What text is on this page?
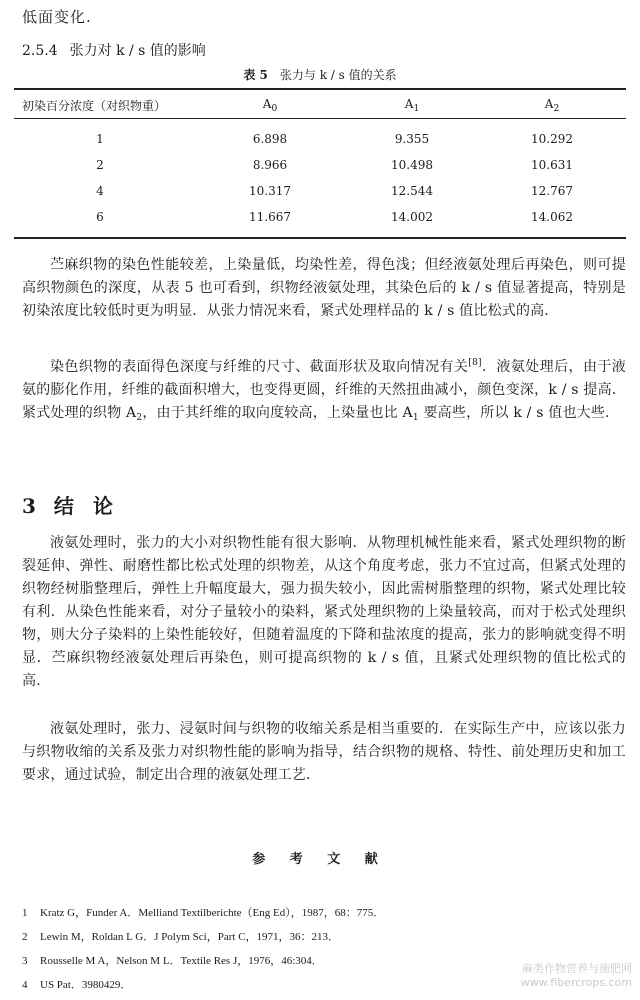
低面变化.
2.5.4 张力对 k / s 值的影响
表 5 张力与 k / s 值的关系
初染百分浓度（对织物重）	$A_0$	$A_1$	$A_2$
1	6.898	9.355	10.292
2	8.966	10.498	10.631
4	10.317	12.544	12.767
6	11.667	14.002	14.062

苎麻织物的染色性能较差，上染量低，均染性差，得色浅；但经液氨处理后再染色，则可提高织物颜色的深度，从表 5 也可看到，织物经液氨处理，其染色后的 k / s 值显著提高，特别是初染浓度比较低时更为明显．从张力情况来看，紧式处理样品的 k / s 值比松式的高．

染色织物的表面得色深度与纤维的尺寸、截面形状及取向情况有关[8]．液氨处理后，由于液氨的膨化作用，纤维的截面积增大，也变得更圆，纤维的天然扭曲减小，颜色变深，k / s 提高．紧式处理的织物 $A_2$，由于其纤维的取向度较高，上染量也比 $A_1$ 要高些，所以 k / s 值也大些．

3 结 论

液氨处理时，张力的大小对织物性能有很大影响．从物理机械性能来看，紧式处理织物的断裂延伸、弹性、耐磨性都比松式处理的织物差，从这个角度考虑，张力不宜过高，但紧式处理的织物经树脂整理后，弹性上升幅度最大，强力损失较小，因此需树脂整理的织物，紧式处理比较有利．从染色性能来看，对分子量较小的染料，紧式处理织物的上染量较高，而对于松式处理织物，则大分子染料的上染性能较好，但随着温度的下降和盐浓度的提高，张力的影响就变得不明显．苎麻织物经液氨处理后再染色，则可提高织物的 k / s 值，且紧式处理织物的值比松式的高．

液氨处理时，张力、浸氨时间与织物的收缩关系是相当重要的．在实际生产中，应该以张力与织物收缩的关系及张力对织物性能的影响为指导，结合织物的规格、特性、前处理历史和加工要求，通过试验，制定出合理的液氨处理工艺．

参 考 文 献
1 Kratz G，Funder A．Melliand Textilberichte（Eng Ed），1987，68：775．
2 Lewin M，Roldan L G．J Polym Sci，Part C，1971，36：213．
3 Rousselle M A，Nelson M L．Textile Res J，1976，46:304．
4 US Pat．3980429．
麻类作物营养与施肥网
www.fibercrops.com
